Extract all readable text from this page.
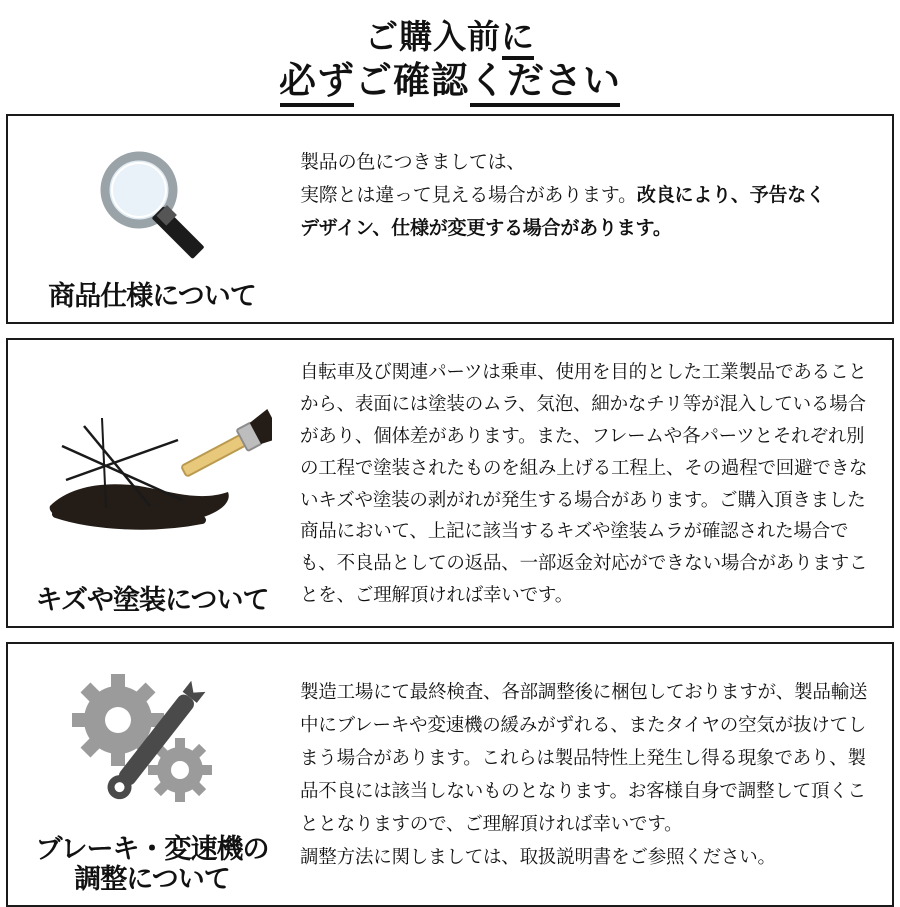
ご購入前に
必ずご確認ください
商品仕様について
製品の色につきましては、
実際とは違って見える場合があります。改良により、予告なく
デザイン、仕様が変更する場合があります。
キズや塗装について
自転車及び関連パーツは乗車、使用を目的とした工業製品であることから、表面には塗装のムラ、気泡、細かなチリ等が混入している場合があり、個体差があります。また、フレームや各パーツとそれぞれ別の工程で塗装されたものを組み上げる工程上、その過程で回避できないキズや塗装の剥がれが発生する場合があります。ご購入頂きました商品において、上記に該当するキズや塗装ムラが確認された場合でも、不良品としての返品、一部返金対応ができない場合がありますことを、ご理解頂ければ幸いです。
ブレーキ・変速機の
調整について
製造工場にて最終検査、各部調整後に梱包しておりますが、製品輸送中にブレーキや変速機の緩みがずれる、またタイヤの空気が抜けてしまう場合があります。これらは製品特性上発生し得る現象であり、製品不良には該当しないものとなります。お客様自身で調整して頂くこととなりますので、ご理解頂ければ幸いです。
調整方法に関しましては、取扱説明書をご参照ください。
